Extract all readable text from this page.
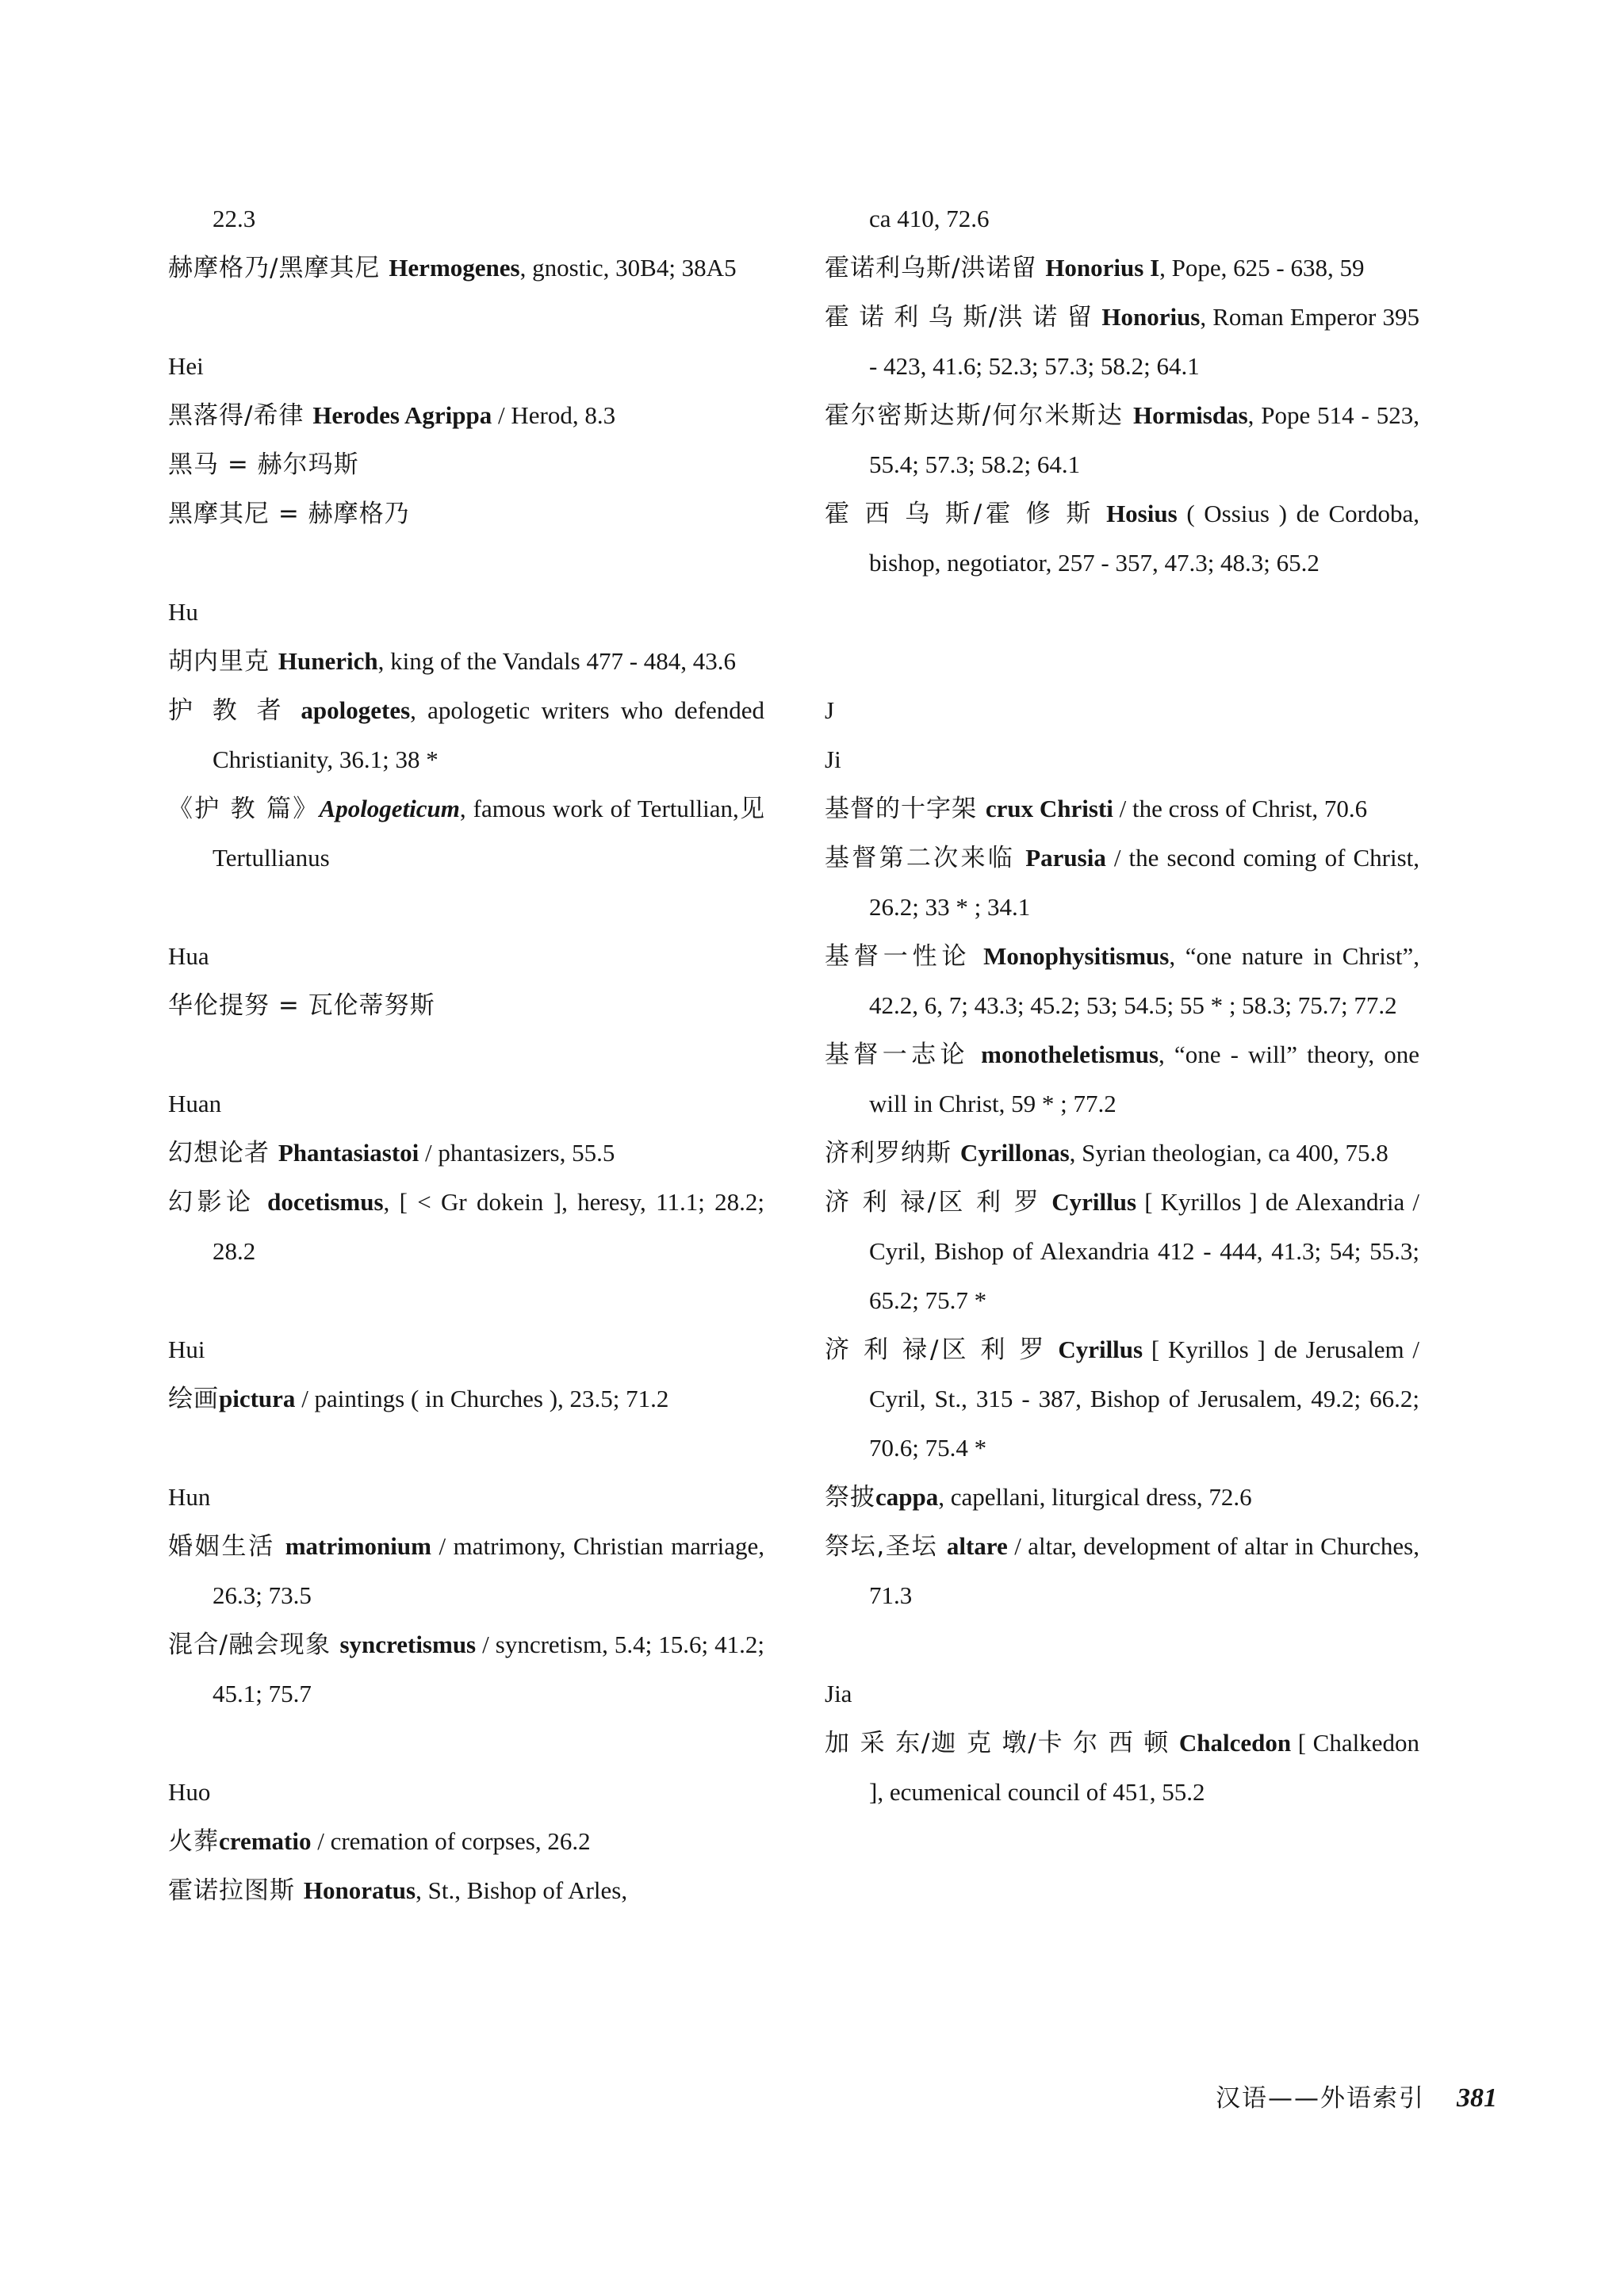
22.3

赫摩格乃/黑摩其尼 Hermogenes, gnostic, 30B4; 38A5

Hei

黑落得/希律 Herodes Agrippa / Herod, 8.3

黑马 = 赫尔玛斯

黑摩其尼 = 赫摩格乃

Hu

胡内里克 Hunerich, king of the Vandals 477 - 484, 43.6

护 教 者 apologetes, apologetic writers who defended Christianity, 36.1; 38 *

《护 教 篇》Apologeticum, famous work of Tertullian,见 Tertullianus

Hua

华伦提努 = 瓦伦蒂努斯

Huan

幻想论者 Phantasiastoi / phantasizers, 55.5

幻影论 docetismus, [ < Gr dokein ], heresy, 11.1; 28.2; 28.2

Hui

绘画pictura / paintings ( in Churches ), 23.5; 71.2

Hun

婚姻生活 matrimonium / matrimony, Christian marriage, 26.3; 73.5

混合/融会现象 syncretismus / syncretism, 5.4; 15.6; 41.2; 45.1; 75.7

Huo

火葬crematio / cremation of corpses, 26.2

霍诺拉图斯 Honoratus, St., Bishop of Arles,

ca 410, 72.6

霍诺利乌斯/洪诺留 Honorius I, Pope, 625 - 638, 59

霍 诺 利 乌 斯/洪 诺 留 Honorius, Roman Emperor 395 - 423, 41.6; 52.3; 57.3; 58.2; 64.1

霍尔密斯达斯/何尔米斯达 Hormisdas, Pope 514 - 523, 55.4; 57.3; 58.2; 64.1

霍 西 乌 斯/霍 修 斯 Hosius ( Ossius ) de Cordoba, bishop, negotiator, 257 - 357, 47.3; 48.3; 65.2

J

Ji

基督的十字架 crux Christi / the cross of Christ, 70.6

基督第二次来临 Parusia / the second coming of Christ, 26.2; 33 * ; 34.1

基督一性论 Monophysitismus, “one nature in Christ”, 42.2, 6, 7; 43.3; 45.2; 53; 54.5; 55 * ; 58.3; 75.7; 77.2

基督一志论 monotheletismus, “one - will” theory, one will in Christ, 59 * ; 77.2

济利罗纳斯 Cyrillonas, Syrian theologian, ca 400, 75.8

济 利 禄/区 利 罗 Cyrillus [ Kyrillos ] de Alexandria / Cyril, Bishop of Alexandria 412 - 444, 41.3; 54; 55.3; 65.2; 75.7 *

济 利 禄/区 利 罗 Cyrillus [ Kyrillos ] de Jerusalem / Cyril, St., 315 - 387, Bishop of Jerusalem, 49.2; 66.2; 70.6; 75.4 *

祭披cappa, capellani, liturgical dress, 72.6

祭坛,圣坛 altare / altar, development of altar in Churches, 71.3

Jia

加 采 东/迦 克 墩/卡 尔 西 顿 Chalcedon [ Chalkedon ], ecumenical council of 451, 55.2

汉语——外语索引 381
